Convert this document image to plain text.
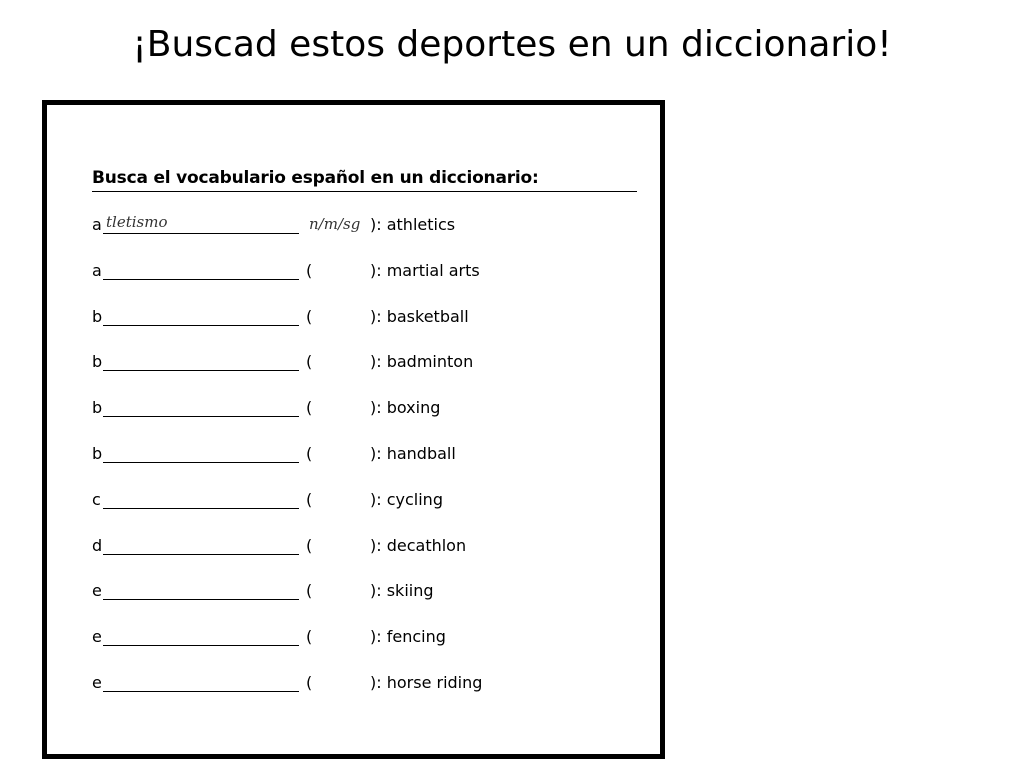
¡Buscad estos deportes en un diccionario!
Busca el vocabulario español en un diccionario:
a tletismo	n/m/sg ): athletics
a	(	): martial arts
b	(	): basketball
b	(	): badminton
b	(	): boxing
b	(	): handball
c	(	): cycling
d	(	): decathlon
e	(	): skiing
e	(	): fencing
e	(	): horse riding
